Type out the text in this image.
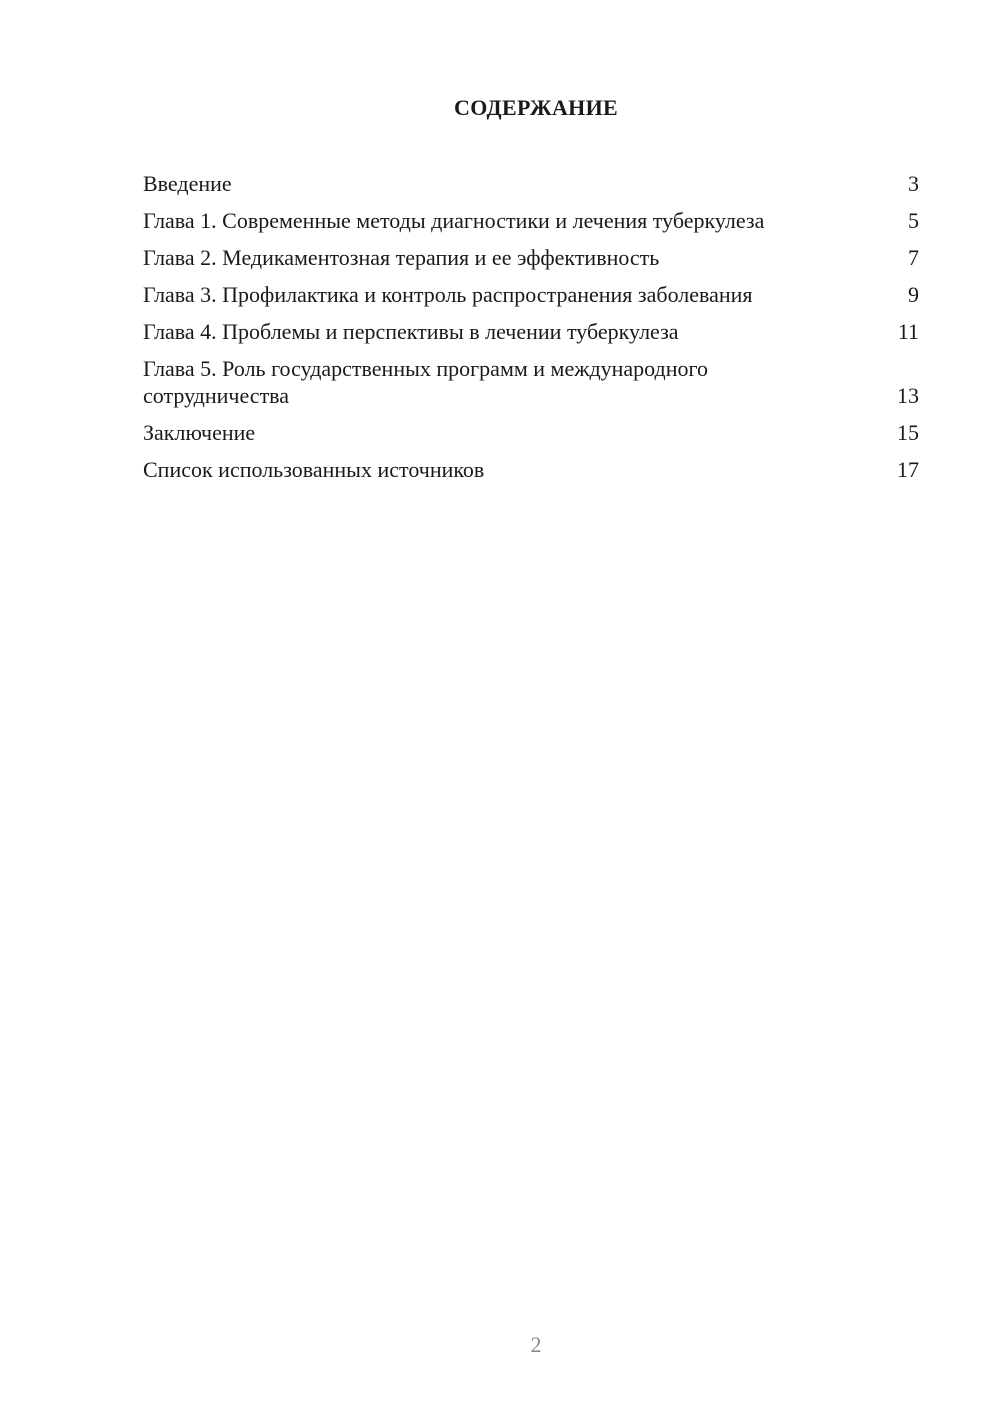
СОДЕРЖАНИЕ
Введение	3
Глава 1. Современные методы диагностики и лечения туберкулеза	5
Глава 2. Медикаментозная терапия и ее эффективность	7
Глава 3. Профилактика и контроль распространения заболевания	9
Глава 4. Проблемы и перспективы в лечении туберкулеза	11
Глава 5. Роль государственных программ и международного сотрудничества	13
Заключение	15
Список использованных источников	17
2
